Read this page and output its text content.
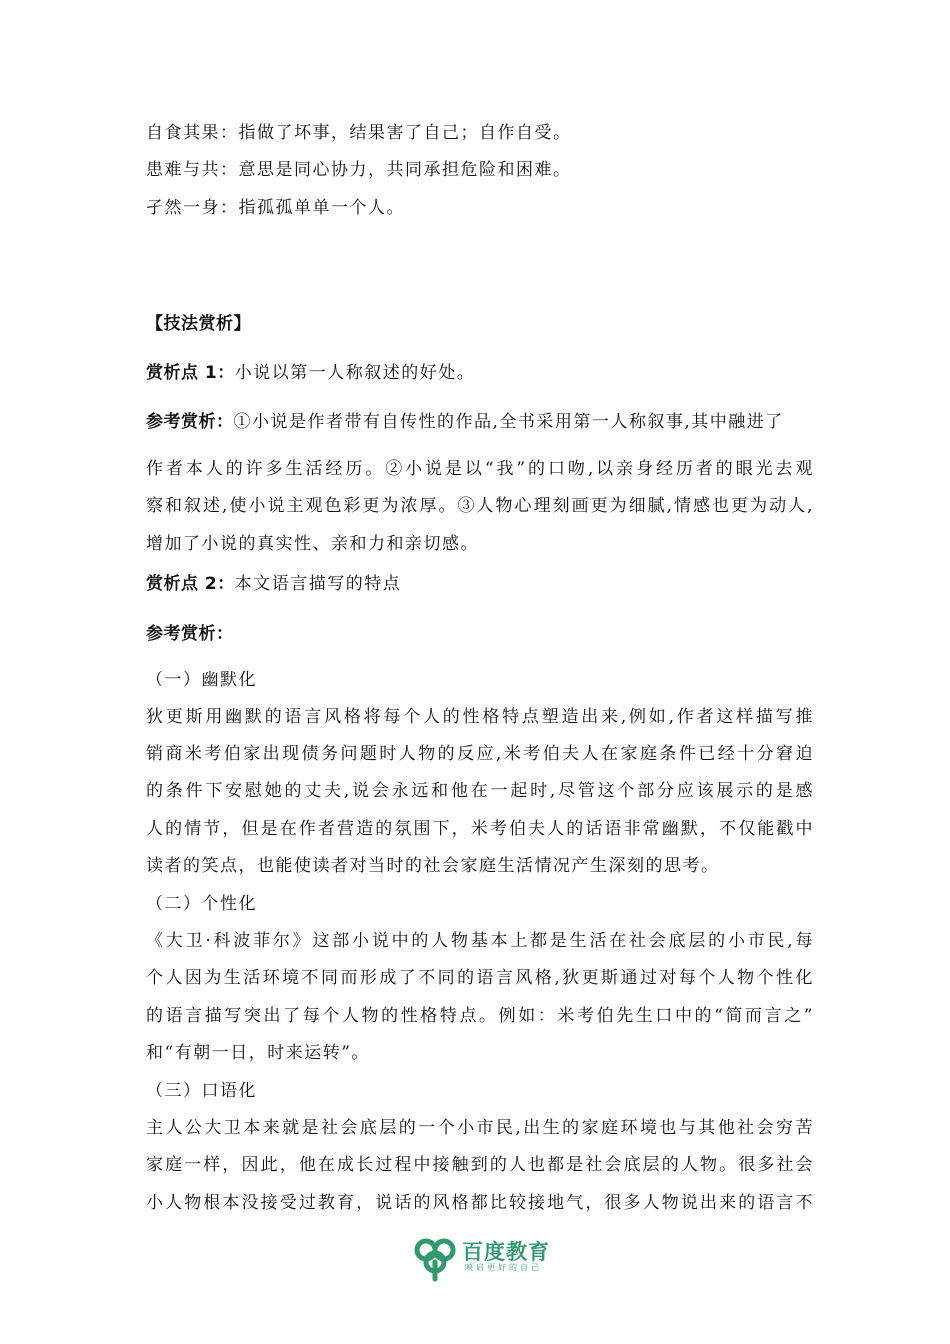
自食其果：指做了坏事，结果害了自己；自作自受。
患难与共：意思是同心协力，共同承担危险和困难。
孑然一身：指孤孤单单一个人。
【技法赏析】
赏析点 1：小说以第一人称叙述的好处。
参考赏析：①小说是作者带有自传性的作品,全书采用第一人称叙事,其中融进了
作者本人的许多生活经历。②小说是以“我”的口吻,以亲身经历者的眼光去观
察和叙述,使小说主观色彩更为浓厚。③人物心理刻画更为细腻,情感也更为动人,
增加了小说的真实性、亲和力和亲切感。
赏析点 2：本文语言描写的特点
参考赏析：
（一）幽默化
狄更斯用幽默的语言风格将每个人的性格特点塑造出来,例如,作者这样描写推
销商米考伯家出现债务问题时人物的反应,米考伯夫人在家庭条件已经十分窘迫
的条件下安慰她的丈夫,说会永远和他在一起时,尽管这个部分应该展示的是感
人的情节，但是在作者营造的氛围下，米考伯夫人的话语非常幽默，不仅能戳中
读者的笑点，也能使读者对当时的社会家庭生活情况产生深刻的思考。
（二）个性化
《大卫·科波菲尔》这部小说中的人物基本上都是生活在社会底层的小市民,每
个人因为生活环境不同而形成了不同的语言风格,狄更斯通过对每个人物个性化
的语言描写突出了每个人物的性格特点。例如：米考伯先生口中的“简而言之”
和“有朝一日，时来运转”。
（三）口语化
主人公大卫本来就是社会底层的一个小市民,出生的家庭环境也与其他社会穷苦
家庭一样，因此，他在成长过程中接触到的人也都是社会底层的人物。很多社会
小人物根本没接受过教育，说话的风格都比较接地气，很多人物说出来的语言不
百度教育
映启更好的自己
